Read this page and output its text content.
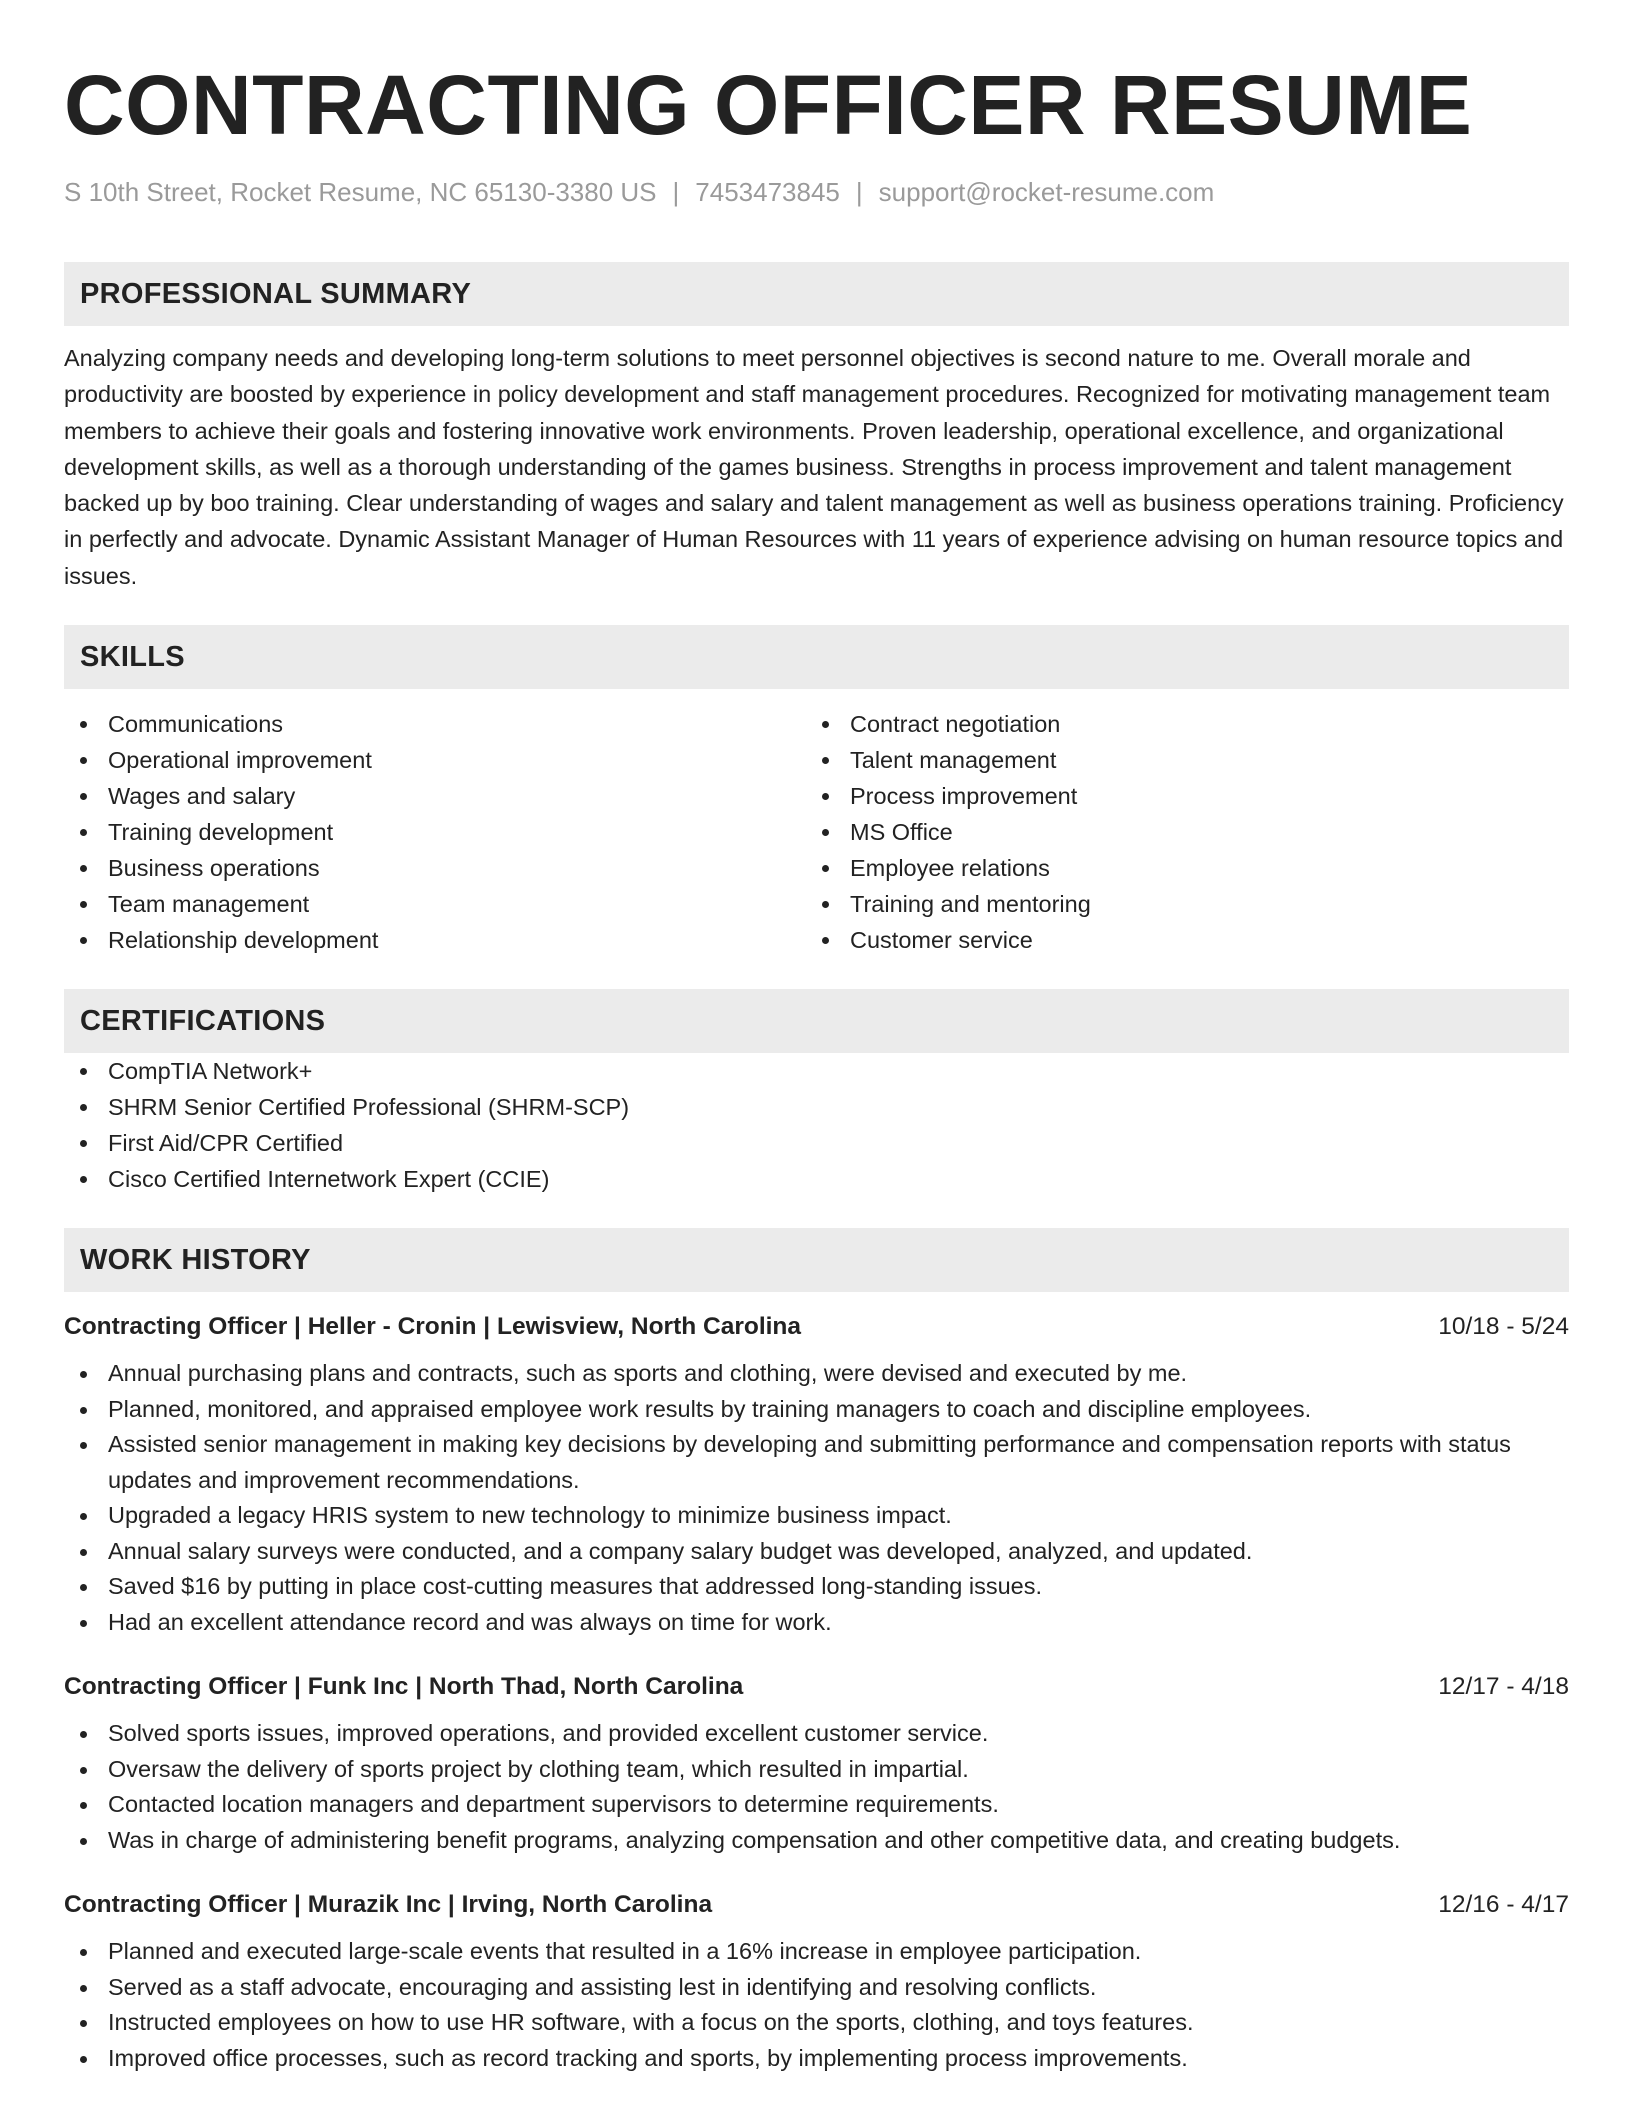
CONTRACTING OFFICER RESUME
S 10th Street, Rocket Resume, NC 65130-3380 US | 7453473845 | support@rocket-resume.com
PROFESSIONAL SUMMARY

Analyzing company needs and developing long-term solutions to meet personnel objectives is second nature to me. Overall morale and productivity are boosted by experience in policy development and staff management procedures. Recognized for motivating management team members to achieve their goals and fostering innovative work environments. Proven leadership, operational excellence, and organizational development skills, as well as a thorough understanding of the games business. Strengths in process improvement and talent management backed up by boo training. Clear understanding of wages and salary and talent management as well as business operations training. Proficiency in perfectly and advocate. Dynamic Assistant Manager of Human Resources with 11 years of experience advising on human resource topics and issues.

SKILLS
Communications
Operational improvement
Wages and salary
Training development
Business operations
Team management
Relationship development
Contract negotiation
Talent management
Process improvement
MS Office
Employee relations
Training and mentoring
Customer service
CERTIFICATIONS
CompTIA Network+
SHRM Senior Certified Professional (SHRM-SCP)
First Aid/CPR Certified
Cisco Certified Internetwork Expert (CCIE)
WORK HISTORY
Contracting Officer | Heller - Cronin | Lewisview, North Carolina	10/18 - 5/24
Annual purchasing plans and contracts, such as sports and clothing, were devised and executed by me.
Planned, monitored, and appraised employee work results by training managers to coach and discipline employees.
Assisted senior management in making key decisions by developing and submitting performance and compensation reports with status updates and improvement recommendations.
Upgraded a legacy HRIS system to new technology to minimize business impact.
Annual salary surveys were conducted, and a company salary budget was developed, analyzed, and updated.
Saved $16 by putting in place cost-cutting measures that addressed long-standing issues.
Had an excellent attendance record and was always on time for work.
Contracting Officer | Funk Inc | North Thad, North Carolina	12/17 - 4/18
Solved sports issues, improved operations, and provided excellent customer service.
Oversaw the delivery of sports project by clothing team, which resulted in impartial.
Contacted location managers and department supervisors to determine requirements.
Was in charge of administering benefit programs, analyzing compensation and other competitive data, and creating budgets.
Contracting Officer | Murazik Inc | Irving, North Carolina	12/16 - 4/17
Planned and executed large-scale events that resulted in a 16% increase in employee participation.
Served as a staff advocate, encouraging and assisting lest in identifying and resolving conflicts.
Instructed employees on how to use HR software, with a focus on the sports, clothing, and toys features.
Improved office processes, such as record tracking and sports, by implementing process improvements.
